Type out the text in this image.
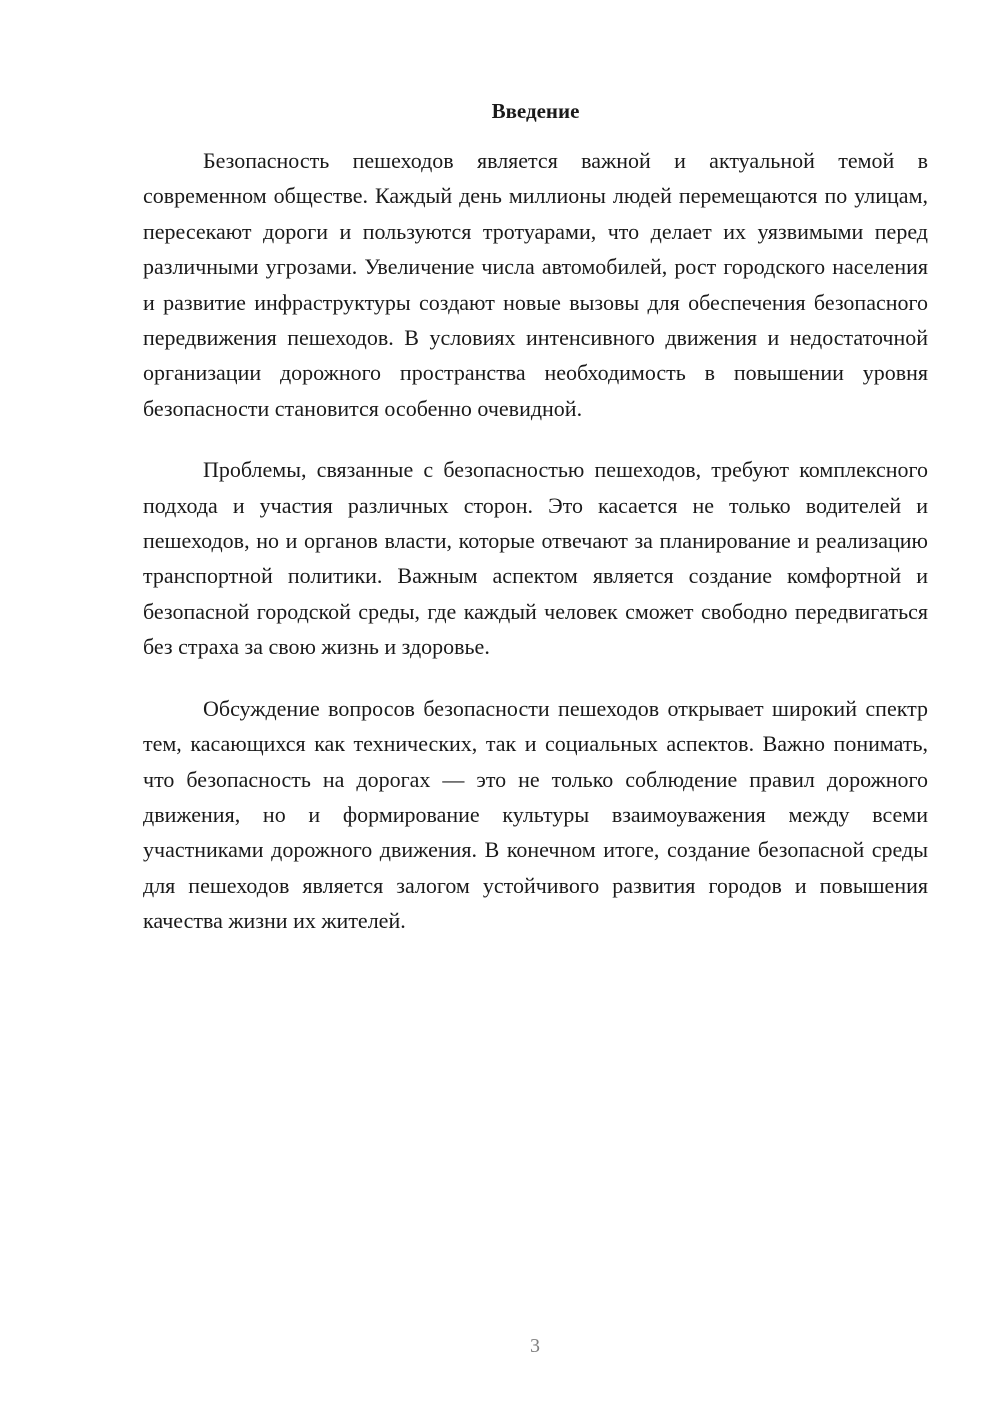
Введение

Безопасность пешеходов является важной и актуальной темой в современном обществе. Каждый день миллионы людей перемещаются по улицам, пересекают дороги и пользуются тротуарами, что делает их уязвимыми перед различными угрозами. Увеличение числа автомобилей, рост городского населения и развитие инфраструктуры создают новые вызовы для обеспечения безопасного передвижения пешеходов. В условиях интенсивного движения и недостаточной организации дорожного пространства необходимость в повышении уровня безопасности становится особенно очевидной.

Проблемы, связанные с безопасностью пешеходов, требуют комплексного подхода и участия различных сторон. Это касается не только водителей и пешеходов, но и органов власти, которые отвечают за планирование и реализацию транспортной политики. Важным аспектом является создание комфортной и безопасной городской среды, где каждый человек сможет свободно передвигаться без страха за свою жизнь и здоровье.

Обсуждение вопросов безопасности пешеходов открывает широкий спектр тем, касающихся как технических, так и социальных аспектов. Важно понимать, что безопасность на дорогах — это не только соблюдение правил дорожного движения, но и формирование культуры взаимоуважения между всеми участниками дорожного движения. В конечном итоге, создание безопасной среды для пешеходов является залогом устойчивого развития городов и повышения качества жизни их жителей.

3
